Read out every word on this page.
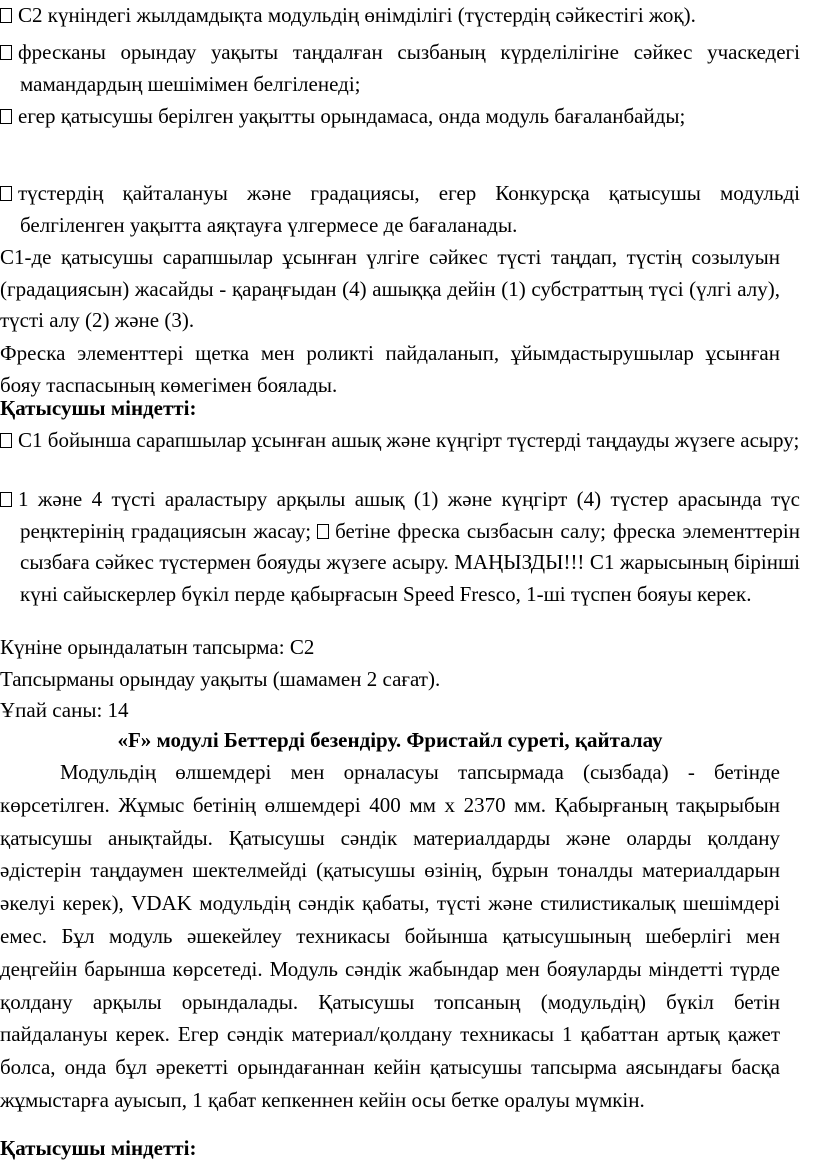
С2 күніндегі жылдамдықта модульдің өнімділігі (түстердің сәйкестігі жоқ).

фресканы орындау уақыты таңдалған сызбаның күрделілігіне сәйкес учаскедегі мамандардың шешімімен белгіленеді;

егер қатысушы берілген уақытты орындамаса, онда модуль бағаланбайды;

түстердің қайталануы және градациясы, егер Конкурсқа қатысушы модульді белгіленген уақытта аяқтауға үлгермесе де бағаланады.

С1-де қатысушы сарапшылар ұсынған үлгіге сәйкес түсті таңдап, түстің созылуын (градациясын) жасайды - қараңғыдан (4) ашыққа дейін (1) субстраттың түсі (үлгі алу), түсті алу (2) және (3).

Фреска элементтері щетка мен роликті пайдаланып, ұйымдастырушылар ұсынған бояу таспасының көмегімен боялады.

Қатысушы міндетті:

С1 бойынша сарапшылар ұсынған ашық және күңгірт түстерді таңдауды жүзеге асыру;

1 және 4 түсті араластыру арқылы ашық (1) және күңгірт (4) түстер арасында түс реңктерінің градациясын жасау; бетіне фреска сызбасын салу; фреска элементтерін сызбаға сәйкес түстермен бояуды жүзеге асыру. МАҢЫЗДЫ!!! С1 жарысының бірінші күні сайыскерлер бүкіл перде қабырғасын Speed Fresco, 1-ші түспен бояуы керек.

Күніне орындалатын тапсырма: С2

Тапсырманы орындау уақыты (шамамен 2 сағат).

Ұпай саны: 14

«F» модулі Беттерді безендіру. Фристайл суреті, қайталау

Модульдің өлшемдері мен орналасуы тапсырмада (сызбада) - бетінде көрсетілген. Жұмыс бетінің өлшемдері 400 мм х 2370 мм. Қабырғаның тақырыбын қатысушы анықтайды. Қатысушы сәндік материалдарды және оларды қолдану әдістерін таңдаумен шектелмейді (қатысушы өзінің, бұрын тоналды материалдарын әкелуі керек), VDAK модульдің сәндік қабаты, түсті және стилистикалық шешімдері емес. Бұл модуль әшекейлеу техникасы бойынша қатысушының шеберлігі мен деңгейін барынша көрсетеді. Модуль сәндік жабындар мен бояуларды міндетті түрде қолдану арқылы орындалады. Қатысушы топсаның (модульдің) бүкіл бетін пайдалануы керек. Егер сәндік материал/қолдану техникасы 1 қабаттан артық қажет болса, онда бұл әрекетті орындағаннан кейін қатысушы тапсырма аясындағы басқа жұмыстарға ауысып, 1 қабат кепкеннен кейін осы бетке оралуы мүмкін.

Қатысушы міндетті:
